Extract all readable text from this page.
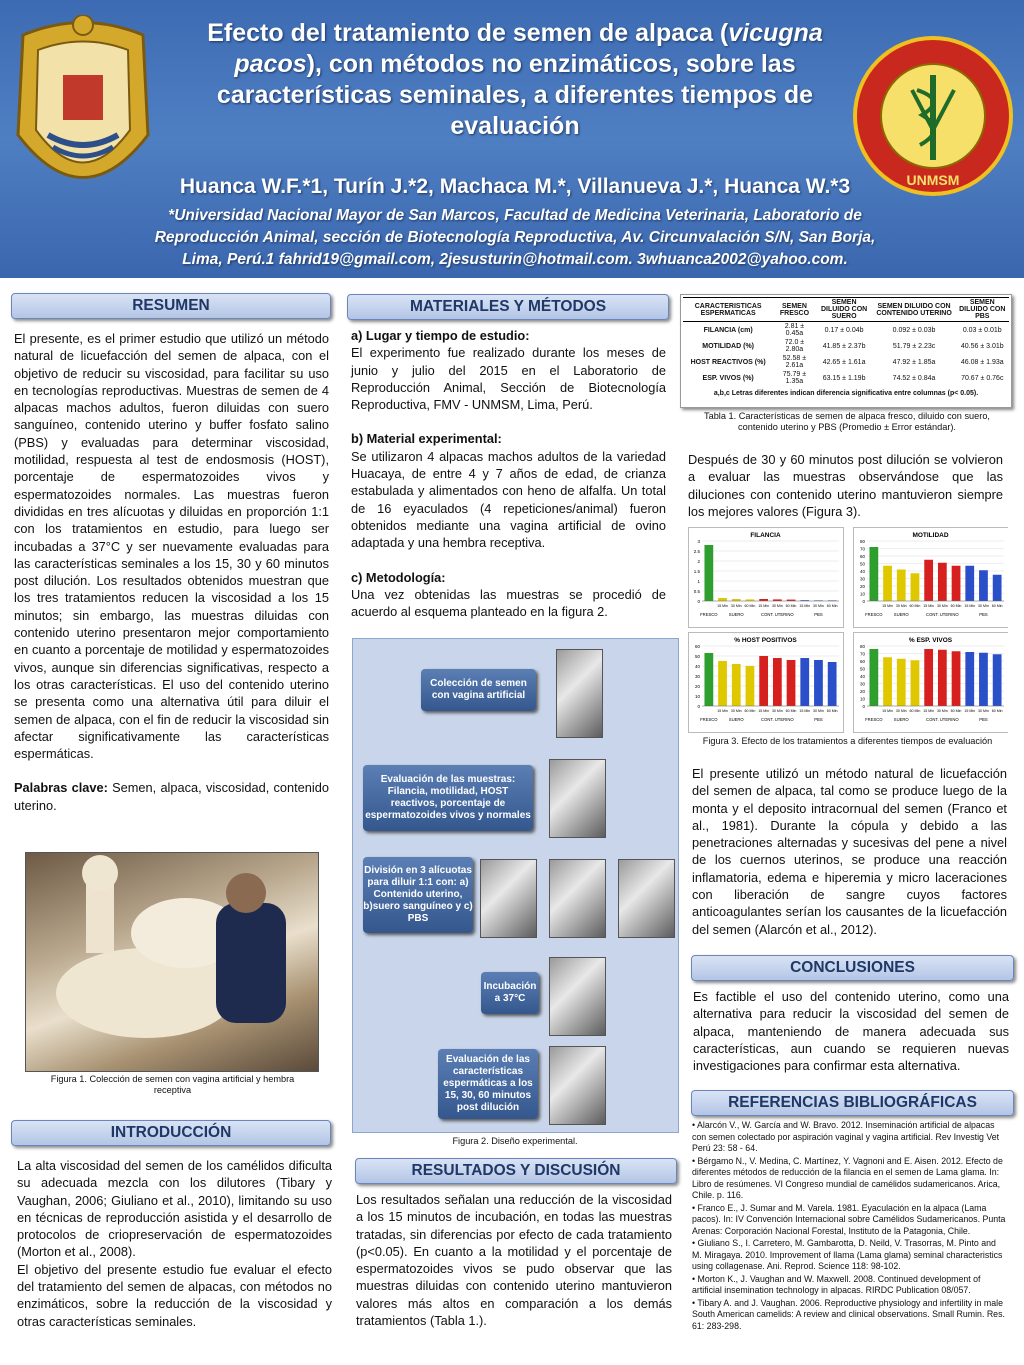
Efecto del tratamiento de semen de alpaca (vicugna pacos), con métodos no enzimáticos, sobre las características seminales, a diferentes tiempos de evaluación
Huanca W.F.*1, Turín J.*2, Machaca M.*, Villanueva J.*, Huanca W.*3
*Universidad Nacional Mayor de San Marcos, Facultad de Medicina Veterinaria, Laboratorio de Reproducción Animal, sección de Biotecnología Reproductiva, Av. Circunvalación S/N, San Borja,
Lima, Perú.1 fahrid19@gmail.com, 2jesusturin@hotmail.com. 3whuanca2002@yahoo.com.
UNMSM
RESUMEN

El presente, es el primer estudio que utilizó un método natural de licuefacción del semen de alpaca, con el objetivo de reducir su viscosidad, para facilitar su uso en tecnologías reproductivas. Muestras de semen de 4 alpacas machos adultos, fueron diluidas con suero sanguíneo, contenido uterino y buffer fosfato salino (PBS) y evaluadas para determinar viscosidad, motilidad, respuesta al test de endosmosis (HOST), porcentaje de espermatozoides vivos y espermatozoides normales. Las muestras fueron divididas en tres alícuotas y diluidas en proporción 1:1 con los tratamientos en estudio, para luego ser incubadas a 37°C y ser nuevamente evaluadas para las características seminales a los 15, 30 y 60 minutos post dilución. Los resultados obtenidos muestran que los tres tratamientos reducen la viscosidad a los 15 minutos; sin embargo, las muestras diluidas con contenido uterino presentaron mejor comportamiento en cuanto a porcentaje de motilidad y espermatozoides vivos, aunque sin diferencias significativas, respecto a los otras características. El uso del contenido uterino se presenta como una alternativa útil para diluir el semen de alpaca, con el fin de reducir la viscosidad sin afectar significativamente las características espermáticas.

Palabras clave: Semen, alpaca, viscosidad, contenido uterino.

Figura 1. Colección de semen con vagina artificial y hembra receptiva
INTRODUCCIÓN

La alta viscosidad del semen de los camélidos dificulta su adecuada mezcla con los dilutores (Tibary y Vaughan, 2006; Giuliano et al., 2010), limitando su uso en técnicas de reproducción asistida y el desarrollo de protocolos de criopreservación de espermatozoides (Morton et al., 2008).

El objetivo del presente estudio fue evaluar el efecto del tratamiento del semen de alpacas, con métodos no enzimáticos, sobre la reducción de la viscosidad y otras características seminales.

MATERIALES Y MÉTODOS

a) Lugar y tiempo de estudio:

El experimento fue realizado durante los meses de junio y julio del 2015 en el Laboratorio de Reproducción Animal, Sección de Biotecnología Reproductiva, FMV - UNMSM, Lima, Perú.

b) Material experimental:

Se utilizaron 4 alpacas machos adultos de la variedad Huacaya, de entre 4 y 7 años de edad, de crianza estabulada y alimentados con heno de alfalfa. Un total de 16 eyaculados (4 repeticiones/animal) fueron obtenidos mediante una vagina artificial de ovino adaptada y una hembra receptiva.

c) Metodología:

Una vez obtenidas las muestras se procedió de acuerdo al esquema planteado en la figura 2.

Colección de semen con vagina artificial
Evaluación de las muestras: Filancia, motilidad, HOST reactivos, porcentaje de espermatozoides vivos y normales
División en 3 alícuotas para diluir 1:1 con: a) Contenido uterino, b)suero sanguíneo y c) PBS
Incubación a 37°C
Evaluación de las características espermáticas a los 15, 30, 60 minutos post dilución
Figura 2. Diseño experimental.
RESULTADOS Y DISCUSIÓN
Los resultados señalan una reducción de la viscosidad a los 15 minutos de incubación, en todas las muestras tratadas, sin diferencias por efecto de cada tratamiento (p<0.05). En cuanto a la motilidad y el porcentaje de espermatozoides vivos se pudo observar que las muestras diluidas con contenido uterino mantuvieron valores más altos en comparación a los demás tratamientos (Tabla 1.).
CARACTERISTICAS ESPERMATICAS	SEMEN FRESCO	SEMEN DILUIDO CON SUERO	SEMEN DILUIDO CON CONTENIDO UTERINO	SEMEN DILUIDO CON PBS
FILANCIA (cm)	2.81 ± 0.45a	0.17 ± 0.04b	0.092 ± 0.03b	0.03 ± 0.01b
MOTILIDAD (%)	72.0 ± 2.80a	41.85 ± 2.37b	51.79 ± 2.23c	40.56 ± 3.01b
HOST REACTIVOS (%)	52.58 ± 2.61a	42.65 ± 1.61a	47.92 ± 1.85a	46.08 ± 1.93a
ESP. VIVOS (%)	75.79 ± 1.35a	63.15 ± 1.19b	74.52 ± 0.84a	70.67 ± 0.76c
a,b,c Letras diferentes indican diferencia significativa entre columnas (p< 0.05).
Tabla 1. Características de semen de alpaca fresco, diluido con suero, contenido uterino y PBS (Promedio ± Error estándar).
Después de 30 y 60 minutos post dilución se volvieron a evaluar las muestras observándose que las diluciones con contenido uterino mantuvieron siempre los mejores valores (Figura 3).
FILANCIA
0
0.5
1
1.5
2
2.5
3
15 Min 30 Min 60 Min 15 Min 30 Min 60 Min 15 Min 30 Min 60 Min
FRESCO	SUERO	CONT. UTERINO	PBS
MOTILIDAD
0
10
20
30
40
50
60
70
80
15 Min 30 Min 60 Min 15 Min 30 Min 60 Min 15 Min 30 Min 60 Min
FRESCO	SUERO	CONT. UTERINO	PBS
% HOST POSITIVOS
0
10
20
30
40
50
60
15 Min 30 Min 60 Min 15 Min 30 Min 60 Min 15 Min 30 Min 60 Min
FRESCO	SUERO	CONT. UTERINO	PBS
% ESP. VIVOS
0
10
20
30
40
50
60
70
80
15 Min 30 Min 60 Min 15 Min 30 Min 60 Min 15 Min 30 Min 60 Min
FRESCO	SUERO	CONT. UTERINO	PBS
Figura 3. Efecto de los tratamientos a diferentes tiempos de evaluación
El presente utilizó un método natural de licuefacción del semen de alpaca, tal como se produce luego de la monta y el deposito intracornual del semen (Franco et al., 1981). Durante la cópula y debido a las penetraciones alternadas y sucesivas del pene a nivel de los cuernos uterinos, se produce una reacción inflamatoria, edema e hiperemia y micro laceraciones con liberación de sangre cuyos factores anticoagulantes serían los causantes de la licuefacción del semen (Alarcón et al., 2012).
CONCLUSIONES
Es factible el uso del contenido uterino, como una alternativa para reducir la viscosidad del semen de alpaca, manteniendo de manera adecuada sus características, aun cuando se requieren nuevas investigaciones para confirmar esta alternativa.
REFERENCIAS BIBLIOGRÁFICAS
• Alarcón V., W. García and W. Bravo. 2012. Inseminación artificial de alpacas con semen colectado por aspiración vaginal y vagina artificial. Rev Investig Vet Perú 23: 58 - 64.
• Bérgamo N., V. Medina, C. Martínez, Y. Vagnoni and E. Aisen. 2012. Efecto de diferentes métodos de reducción de la filancia en el semen de Lama glama. In: Libro de resúmenes. VI Congreso mundial de camélidos sudamericanos. Arica, Chile. p. 116.
• Franco E., J. Sumar and M. Varela. 1981. Eyaculación en la alpaca (Lama pacos). In: IV Convención Internacional sobre Camélidos Sudamericanos. Punta Arenas: Corporación Nacional Forestal, Instituto de la Patagonia, Chile.
• Giuliano S., I. Carretero, M. Gambarotta, D. Neild, V. Trasorras, M. Pinto and M. Miragaya. 2010. Improvement of llama (Lama glama) seminal characteristics using collagenase. Ani. Reprod. Science 118: 98-102.
• Morton K., J. Vaughan and W. Maxwell. 2008. Continued development of artificial insemination technology in alpacas. RIRDC Publication 08/057.
• Tibary A. and J. Vaughan. 2006. Reproductive physiology and infertility in male South American camelids: A review and clinical observations. Small Rumin. Res. 61: 283-298.
